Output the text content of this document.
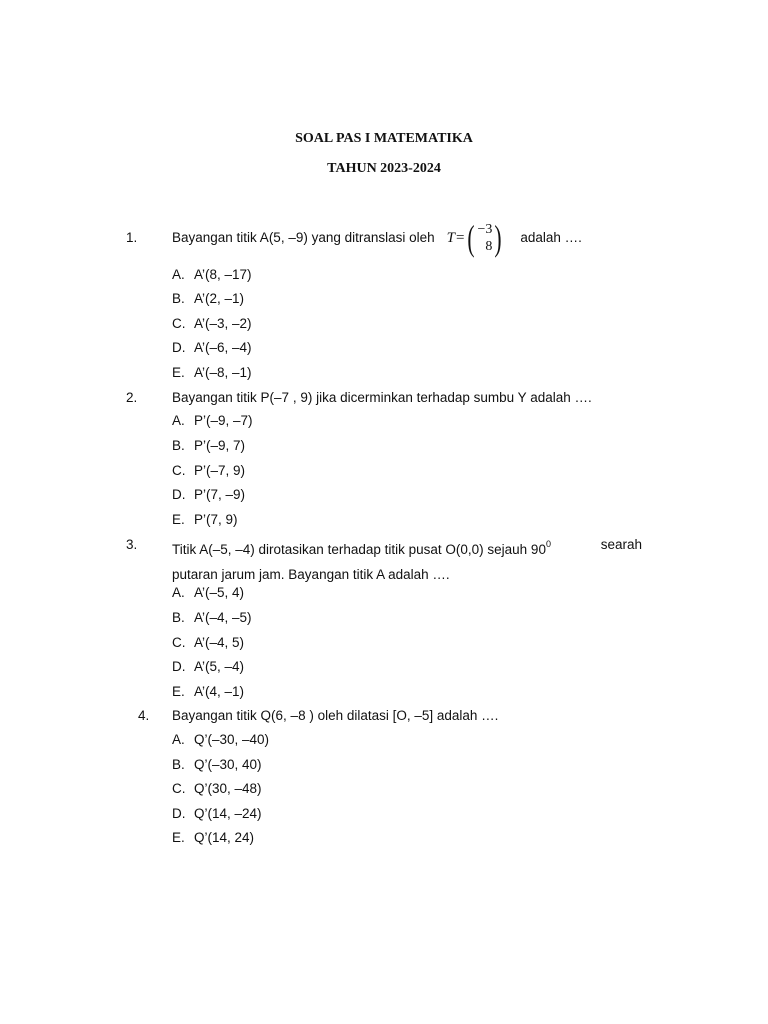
SOAL PAS I MATEMATIKA
TAHUN 2023-2024
1.	Bayangan titik A(5, –9) yang ditranslasi oleh T = ( −3
8 ) adalah ….
A. A’(8, –17)
B. A’(2, –1)
C. A’(–3, –2)
D. A’(–6, –4)
E. A’(–8, –1)
2.	Bayangan titik P(–7 , 9) jika dicerminkan terhadap sumbu Y adalah ….
A. P’(–9, –7)
B. P’(–9, 7)
C. P’(–7, 9)
D. P’(7, –9)
E. P’(7, 9)
3.	Titik A(–5, –4) dirotasikan terhadap titik pusat O(0,0) sejauh $90^0$	searah
putaran jarum jam. Bayangan titik A adalah ….
A. A’(–5, 4)
B. A’(–4, –5)
C. A’(–4, 5)
D. A’(5, –4)
E. A’(4, –1)
4. Bayangan titik Q(6, –8 ) oleh dilatasi [O, –5] adalah ….
A. Q’(–30, –40)
B. Q’(–30, 40)
C. Q’(30, –48)
D. Q’(14, –24)
E. Q’(14, 24)
